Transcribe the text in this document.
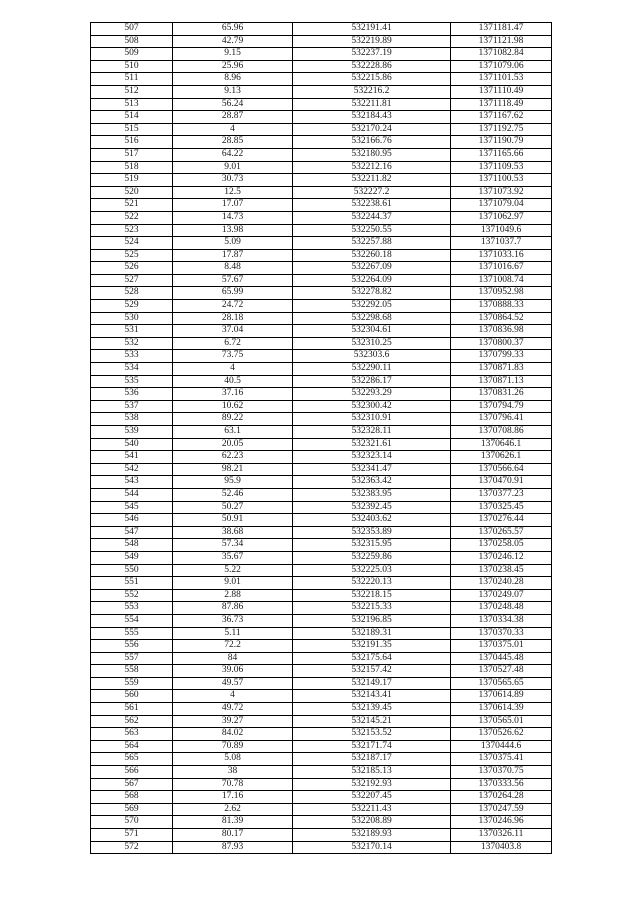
507	65.96	532191.41	1371181.47
508	42.79	532219.89	1371121.98
509	9.15	532237.19	1371082.84
510	25.96	532228.86	1371079.06
511	8.96	532215.86	1371101.53
512	9.13	532216.2	1371110.49
513	56.24	532211.81	1371118.49
514	28.87	532184.43	1371167.62
515	4	532170.24	1371192.75
516	28.85	532166.76	1371190.79
517	64.22	532180.95	1371165.66
518	9.01	532212.16	1371109.53
519	30.73	532211.82	1371100.53
520	12.5	532227.2	1371073.92
521	17.07	532238.61	1371079.04
522	14.73	532244.37	1371062.97
523	13.98	532250.55	1371049.6
524	5.09	532257.88	1371037.7
525	17.87	532260.18	1371033.16
526	8.48	532267.09	1371016.67
527	57.67	532264.09	1371008.74
528	65.99	532278.82	1370952.98
529	24.72	532292.05	1370888.33
530	28.18	532298.68	1370864.52
531	37.04	532304.61	1370836.98
532	6.72	532310.25	1370800.37
533	73.75	532303.6	1370799.33
534	4	532290.11	1370871.83
535	40.5	532286.17	1370871.13
536	37.16	532293.29	1370831.26
537	10.62	532300.42	1370794.79
538	89.22	532310.91	1370796.41
539	63.1	532328.11	1370708.86
540	20.05	532321.61	1370646.1
541	62.23	532323.14	1370626.1
542	98.21	532341.47	1370566.64
543	95.9	532363.42	1370470.91
544	52.46	532383.95	1370377.23
545	50.27	532392.45	1370325.45
546	50.91	532403.62	1370276.44
547	38.68	532353.89	1370265.57
548	57.34	532315.95	1370258.05
549	35.67	532259.86	1370246.12
550	5.22	532225.03	1370238.45
551	9.01	532220.13	1370240.28
552	2.88	532218.15	1370249.07
553	87.86	532215.33	1370248.48
554	36.73	532196.85	1370334.38
555	5.11	532189.31	1370370.33
556	72.2	532191.35	1370375.01
557	84	532175.64	1370445.48
558	39.06	532157.42	1370527.48
559	49.57	532149.17	1370565.65
560	4	532143.41	1370614.89
561	49.72	532139.45	1370614.39
562	39.27	532145.21	1370565.01
563	84.02	532153.52	1370526.62
564	70.89	532171.74	1370444.6
565	5.08	532187.17	1370375.41
566	38	532185.13	1370370.75
567	70.78	532192.93	1370333.56
568	17.16	532207.45	1370264.28
569	2.62	532211.43	1370247.59
570	81.39	532208.89	1370246.96
571	80.17	532189.93	1370326.11
572	87.93	532170.14	1370403.8
